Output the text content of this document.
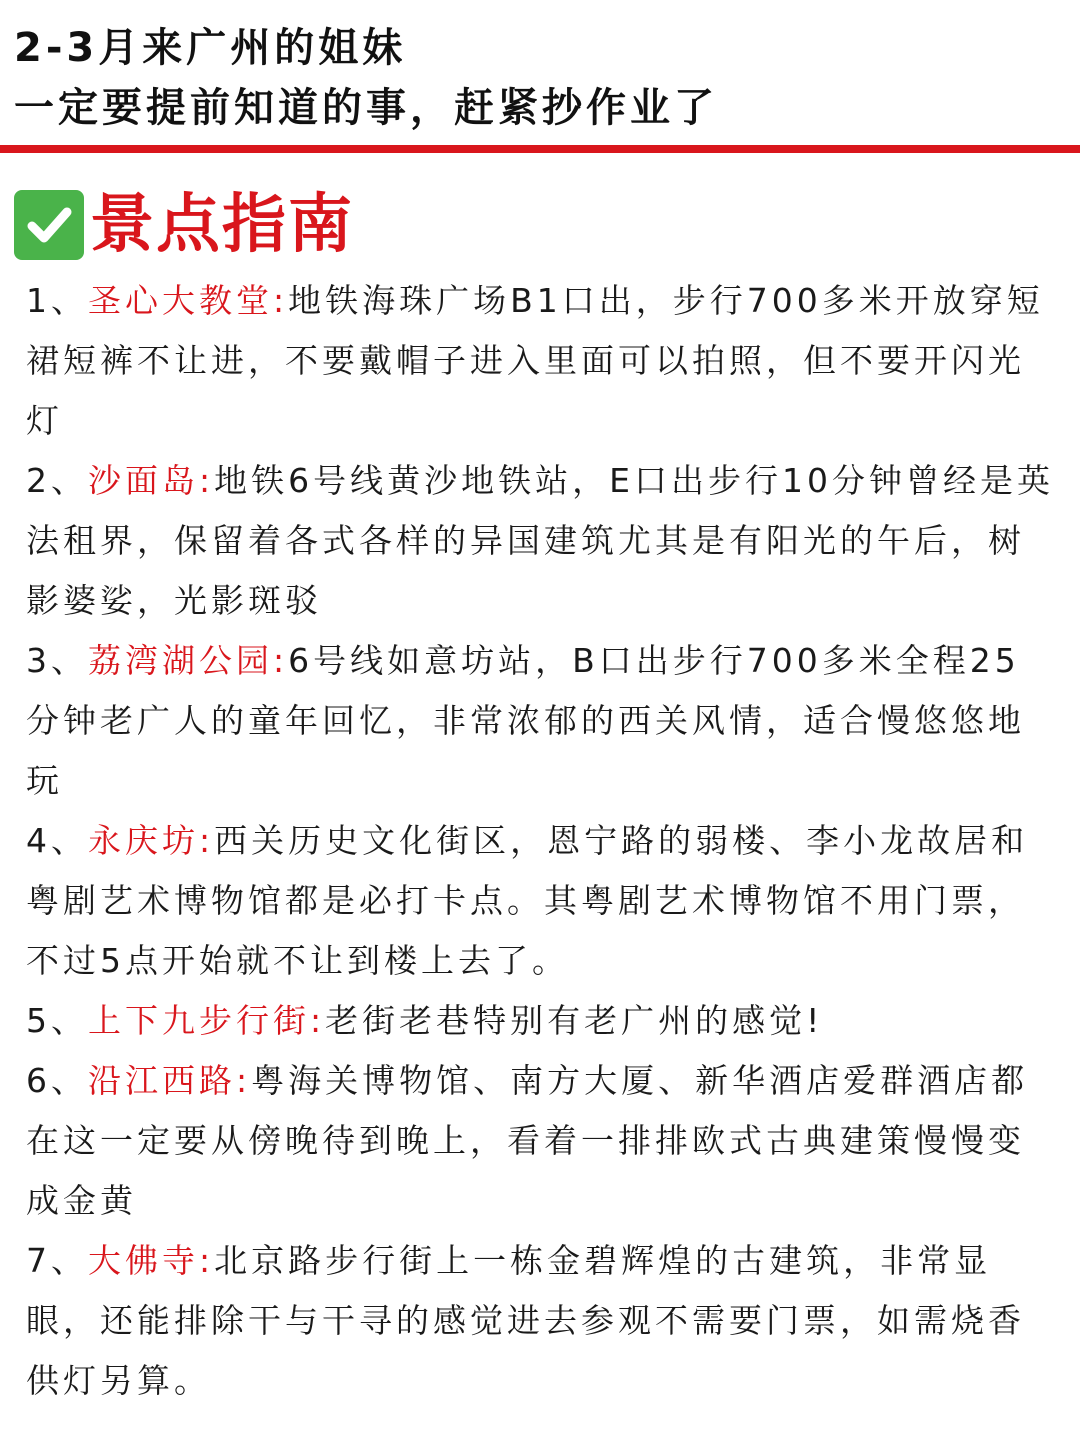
2-3月来广州的姐妹
一定要提前知道的事，赶紧抄作业了
景点指南
1、圣心大教堂:地铁海珠广场B1口出，步行700多米开放穿短裙短裤不让进，不要戴帽子进入里面可以拍照，但不要开闪光灯
2、沙面岛:地铁6号线黄沙地铁站，E口出步行10分钟曾经是英法租界，保留着各式各样的异国建筑尤其是有阳光的午后，树影婆娑，光影斑驳
3、荔湾湖公园:6号线如意坊站，B口出步行700多米全程25分钟老广人的童年回忆，非常浓郁的西关风情，适合慢悠悠地玩
4、永庆坊:西关历史文化街区，恩宁路的弱楼、李小龙故居和粤剧艺术博物馆都是必打卡点。其粤剧艺术博物馆不用门票，不过5点开始就不让到楼上去了。
5、上下九步行街:老街老巷特别有老广州的感觉!
6、沿江西路:粤海关博物馆、南方大厦、新华酒店爱群酒店都在这一定要从傍晚待到晚上，看着一排排欧式古典建策慢慢变成金黄
7、大佛寺:北京路步行街上一栋金碧辉煌的古建筑，非常显眼，还能排除干与干寻的感觉进去参观不需要门票，如需烧香供灯另算。
